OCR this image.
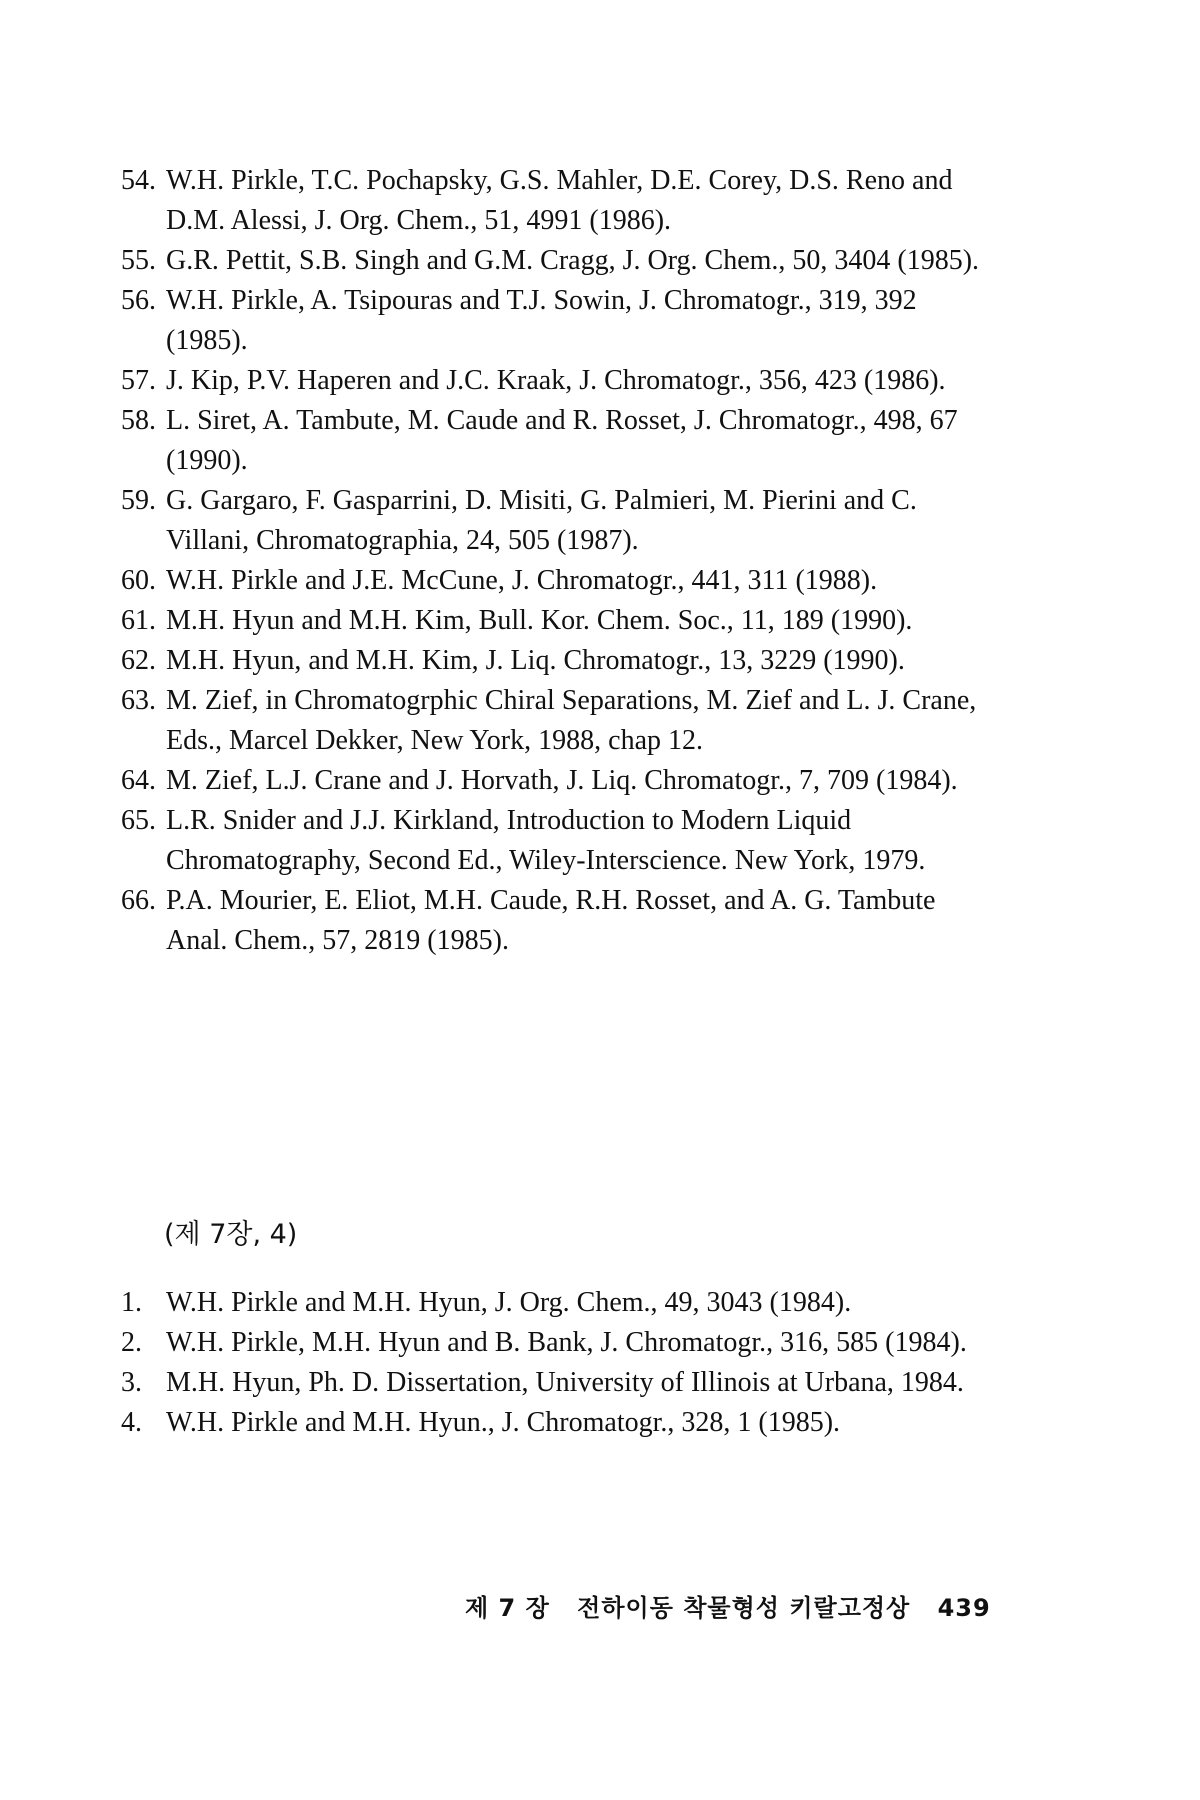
54. W.H. Pirkle, T.C. Pochapsky, G.S. Mahler, D.E. Corey, D.S. Reno and D.M. Alessi, J. Org. Chem., 51, 4991 (1986).
55. G.R. Pettit, S.B. Singh and G.M. Cragg, J. Org. Chem., 50, 3404 (1985).
56. W.H. Pirkle, A. Tsipouras and T.J. Sowin, J. Chromatogr., 319, 392 (1985).
57. J. Kip, P.V. Haperen and J.C. Kraak, J. Chromatogr., 356, 423 (1986).
58. L. Siret, A. Tambute, M. Caude and R. Rosset, J. Chromatogr., 498, 67 (1990).
59. G. Gargaro, F. Gasparrini, D. Misiti, G. Palmieri, M. Pierini and C. Villani, Chromatographia, 24, 505 (1987).
60. W.H. Pirkle and J.E. McCune, J. Chromatogr., 441, 311 (1988).
61. M.H. Hyun and M.H. Kim, Bull. Kor. Chem. Soc., 11, 189 (1990).
62. M.H. Hyun, and M.H. Kim, J. Liq. Chromatogr., 13, 3229 (1990).
63. M. Zief, in Chromatogrphic Chiral Separations, M. Zief and L. J. Crane, Eds., Marcel Dekker, New York, 1988, chap 12.
64. M. Zief, L.J. Crane and J. Horvath, J. Liq. Chromatogr., 7, 709 (1984).
65. L.R. Snider and J.J. Kirkland, Introduction to Modern Liquid Chromatography, Second Ed., Wiley-Interscience. New York, 1979.
66. P.A. Mourier, E. Eliot, M.H. Caude, R.H. Rosset, and A. G. Tambute Anal. Chem., 57, 2819 (1985).
(제 7장, 4)
1. W.H. Pirkle and M.H. Hyun, J. Org. Chem., 49, 3043 (1984).
2. W.H. Pirkle, M.H. Hyun and B. Bank, J. Chromatogr., 316, 585 (1984).
3. M.H. Hyun, Ph. D. Dissertation, University of Illinois at Urbana, 1984.
4. W.H. Pirkle and M.H. Hyun., J. Chromatogr., 328, 1 (1985).
제 7 장 전하이동 착물형성 키랄고정상 439
